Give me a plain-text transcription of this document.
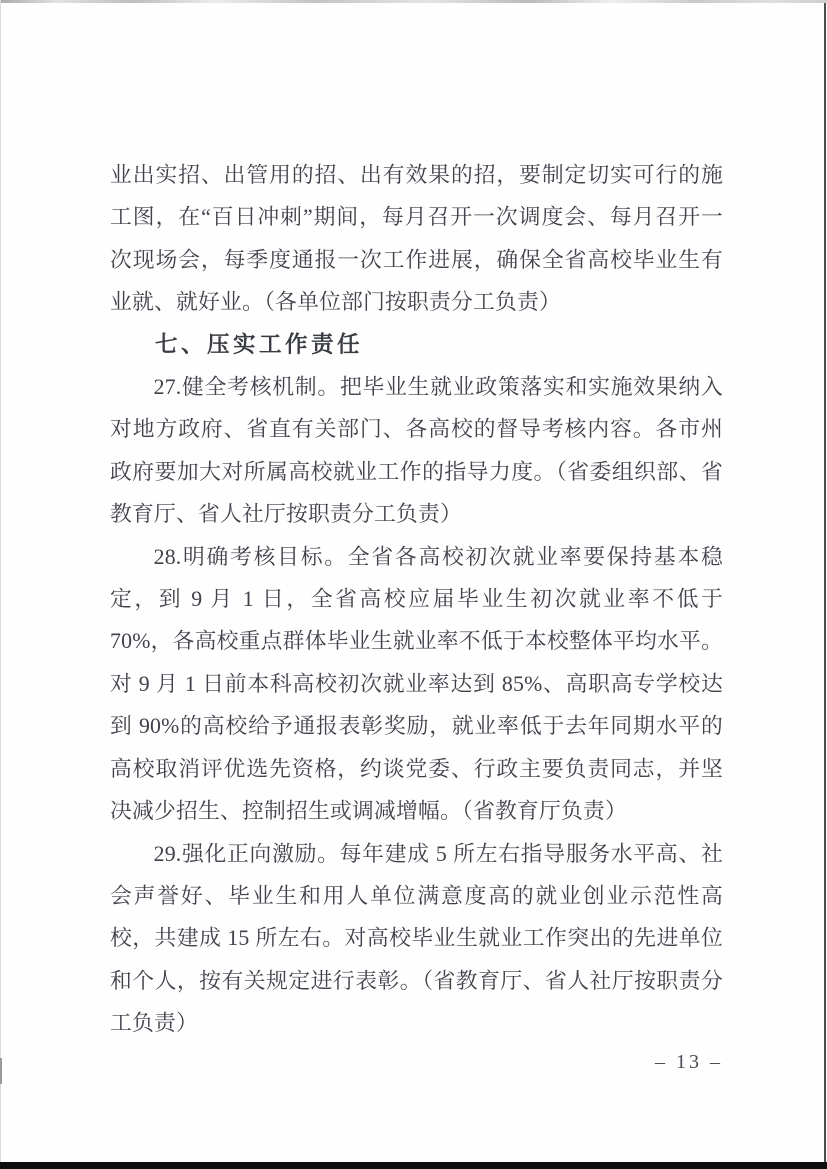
业出实招、出管用的招、出有效果的招，要制定切实可行的施工图，在“百日冲刺”期间，每月召开一次调度会、每月召开一次现场会，每季度通报一次工作进展，确保全省高校毕业生有业就、就好业。（各单位部门按职责分工负责）

七、压实工作责任

27.健全考核机制。把毕业生就业政策落实和实施效果纳入对地方政府、省直有关部门、各高校的督导考核内容。各市州政府要加大对所属高校就业工作的指导力度。（省委组织部、省教育厅、省人社厅按职责分工负责）

28.明确考核目标。全省各高校初次就业率要保持基本稳定，到 9 月 1 日，全省高校应届毕业生初次就业率不低于 70%，各高校重点群体毕业生就业率不低于本校整体平均水平。对 9 月 1 日前本科高校初次就业率达到 85%、高职高专学校达到 90%的高校给予通报表彰奖励，就业率低于去年同期水平的高校取消评优选先资格，约谈党委、行政主要负责同志，并坚决减少招生、控制招生或调减增幅。（省教育厅负责）

29.强化正向激励。每年建成 5 所左右指导服务水平高、社会声誉好、毕业生和用人单位满意度高的就业创业示范性高校，共建成 15 所左右。对高校毕业生就业工作突出的先进单位和个人，按有关规定进行表彰。（省教育厅、省人社厅按职责分工负责）

– 13 –
